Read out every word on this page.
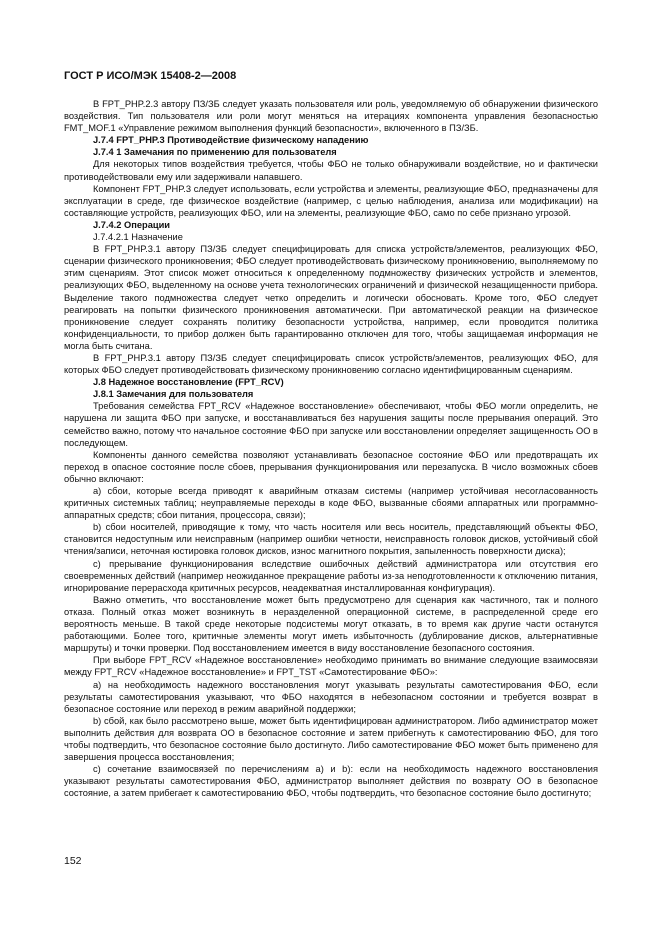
ГОСТ Р ИСО/МЭК 15408-2—2008

В FPT_PHP.2.3 автору ПЗ/ЗБ следует указать пользователя или роль, уведомляемую об обнаружении физического воздействия. Тип пользователя или роли могут меняться на итерациях компонента управления безопасностью FMT_MOF.1 «Управление режимом выполнения функций безопасности», включенного в ПЗ/ЗБ.

J.7.4 FPT_PHP.3 Противодействие физическому нападению

J.7.4 1 Замечания по применению для пользователя

Для некоторых типов воздействия требуется, чтобы ФБО не только обнаруживали воздействие, но и фактически противодействовали ему или задерживали напавшего.

Компонент FPT_PHP.3 следует использовать, если устройства и элементы, реализующие ФБО, предназначены для эксплуатации в среде, где физическое воздействие (например, с целью наблюдения, анализа или модификации) на составляющие устройств, реализующих ФБО, или на элементы, реализующие ФБО, само по себе признано угрозой.

J.7.4.2 Операции

J.7.4.2.1 Назначение

В FPT_PHP.3.1 автору ПЗ/ЗБ следует специфицировать для списка устройств/элементов, реализующих ФБО, сценарии физического проникновения; ФБО следует противодействовать физическому проникновению, выполняемому по этим сценариям. Этот список может относиться к определенному подмножеству физических устройств и элементов, реализующих ФБО, выделенному на основе учета технологических ограничений и физической незащищенности прибора. Выделение такого подмножества следует четко определить и логически обосновать. Кроме того, ФБО следует реагировать на попытки физического проникновения автоматически. При автоматической реакции на физическое проникновение следует сохранять политику безопасности устройства, например, если проводится политика конфиденциальности, то прибор должен быть гарантированно отключен для того, чтобы защищаемая информация не могла быть считана.

В FPT_PHP.3.1 автору ПЗ/ЗБ следует специфицировать список устройств/элементов, реализующих ФБО, для которых ФБО следует противодействовать физическому проникновению согласно идентифицированным сценариям.

J.8 Надежное восстановление (FPT_RCV)

J.8.1 Замечания для пользователя

Требования семейства FPT_RCV «Надежное восстановление» обеспечивают, чтобы ФБО могли определить, не нарушена ли защита ФБО при запуске, и восстанавливаться без нарушения защиты после прерывания операций. Это семейство важно, потому что начальное состояние ФБО при запуске или восстановлении определяет защищенность ОО в последующем.

Компоненты данного семейства позволяют устанавливать безопасное состояние ФБО или предотвращать их переход в опасное состояние после сбоев, прерывания функционирования или перезапуска. В число возможных сбоев обычно включают:

а) сбои, которые всегда приводят к аварийным отказам системы (например устойчивая несогласованность критичных системных таблиц; неуправляемые переходы в коде ФБО, вызванные сбоями аппаратных или программно-аппаратных средств; сбои питания, процессора, связи);

b) сбои носителей, приводящие к тому, что часть носителя или весь носитель, представляющий объекты ФБО, становится недоступным или неисправным (например ошибки четности, неисправность головок дисков, устойчивый сбой чтения/записи, неточная юстировка головок дисков, износ магнитного покрытия, запыленность поверхности диска);

с) прерывание функционирования вследствие ошибочных действий администратора или отсутствия его своевременных действий (например неожиданное прекращение работы из-за неподготовленности к отключению питания, игнорирование перерасхода критичных ресурсов, неадекватная инсталлированная конфигурация).

Важно отметить, что восстановление может быть предусмотрено для сценария как частичного, так и полного отказа. Полный отказ может возникнуть в неразделенной операционной системе, в распределенной среде его вероятность меньше. В такой среде некоторые подсистемы могут отказать, в то время как другие части останутся работающими. Более того, критичные элементы могут иметь избыточность (дублирование дисков, альтернативные маршруты) и точки проверки. Под восстановлением имеется в виду восстановление безопасного состояния.

При выборе FPT_RCV «Надежное восстановление» необходимо принимать во внимание следующие взаимосвязи между FPT_RCV «Надежное восстановление» и FPT_TST «Самотестирование ФБО»:

а) на необходимость надежного восстановления могут указывать результаты самотестирования ФБО, если результаты самотестирования указывают, что ФБО находятся в небезопасном состоянии и требуется возврат в безопасное состояние или переход в режим аварийной поддержки;

b) сбой, как было рассмотрено выше, может быть идентифицирован администратором. Либо администратор может выполнить действия для возврата ОО в безопасное состояние и затем прибегнуть к самотестированию ФБО, для того чтобы подтвердить, что безопасное состояние было достигнуто. Либо самотестирование ФБО может быть применено для завершения процесса восстановления;

с) сочетание взаимосвязей по перечислениям а) и b): если на необходимость надежного восстановления указывают результаты самотестирования ФБО, администратор выполняет действия по возврату ОО в безопасное состояние, а затем прибегает к самотестированию ФБО, чтобы подтвердить, что безопасное состояние было достигнуто;

152
